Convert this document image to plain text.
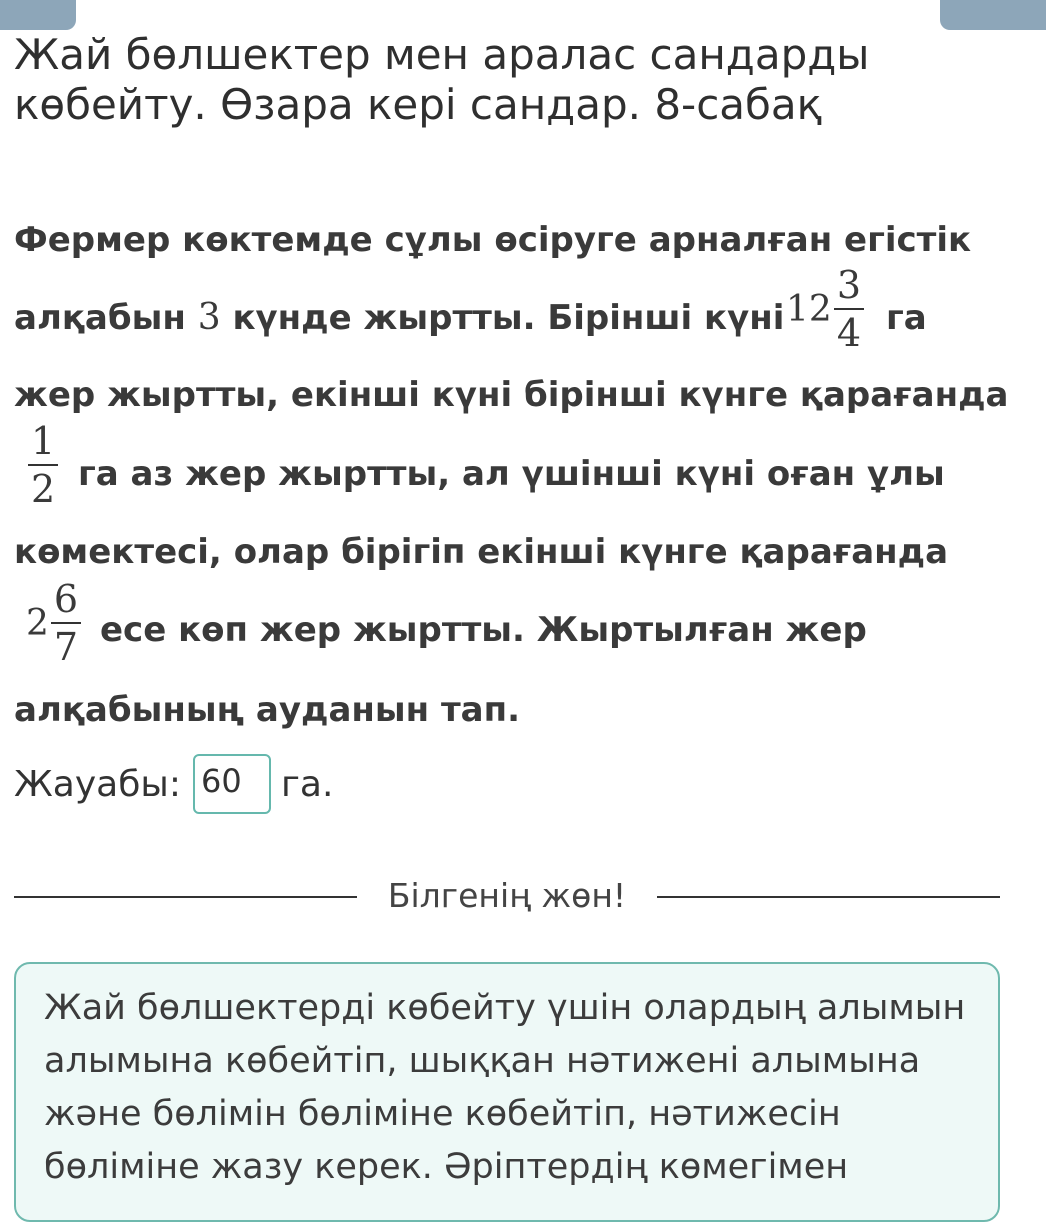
Жай бөлшектер мен аралас сандарды
көбейту. Өзара кері сандар. 8-сабақ
Фермер көктемде сұлы өсіруге арналған егістік
алқабын 3 күнде жыртты. Бірінші күні $12 \frac{3}{4}$ га
жер жыртты, екінші күні бірінші күнге қарағанда
$\frac{1}{2}$ га аз жер жыртты, ал үшінші күні оған ұлы
көмектесі, олар бірігіп екінші күнге қарағанда
$2 \frac{6}{7}$ есе көп жер жыртты. Жыртылған жер
алқабының ауданын тап.
Жауабы: 60	га.
Білгенің жөн!

Жай бөлшектерді көбейту үшін олардың алымын

алымына көбейтіп, шыққан нәтижені алымына

және бөлімін бөліміне көбейтіп, нәтижесін

бөліміне жазу керек. Әріптердің көмегімен
